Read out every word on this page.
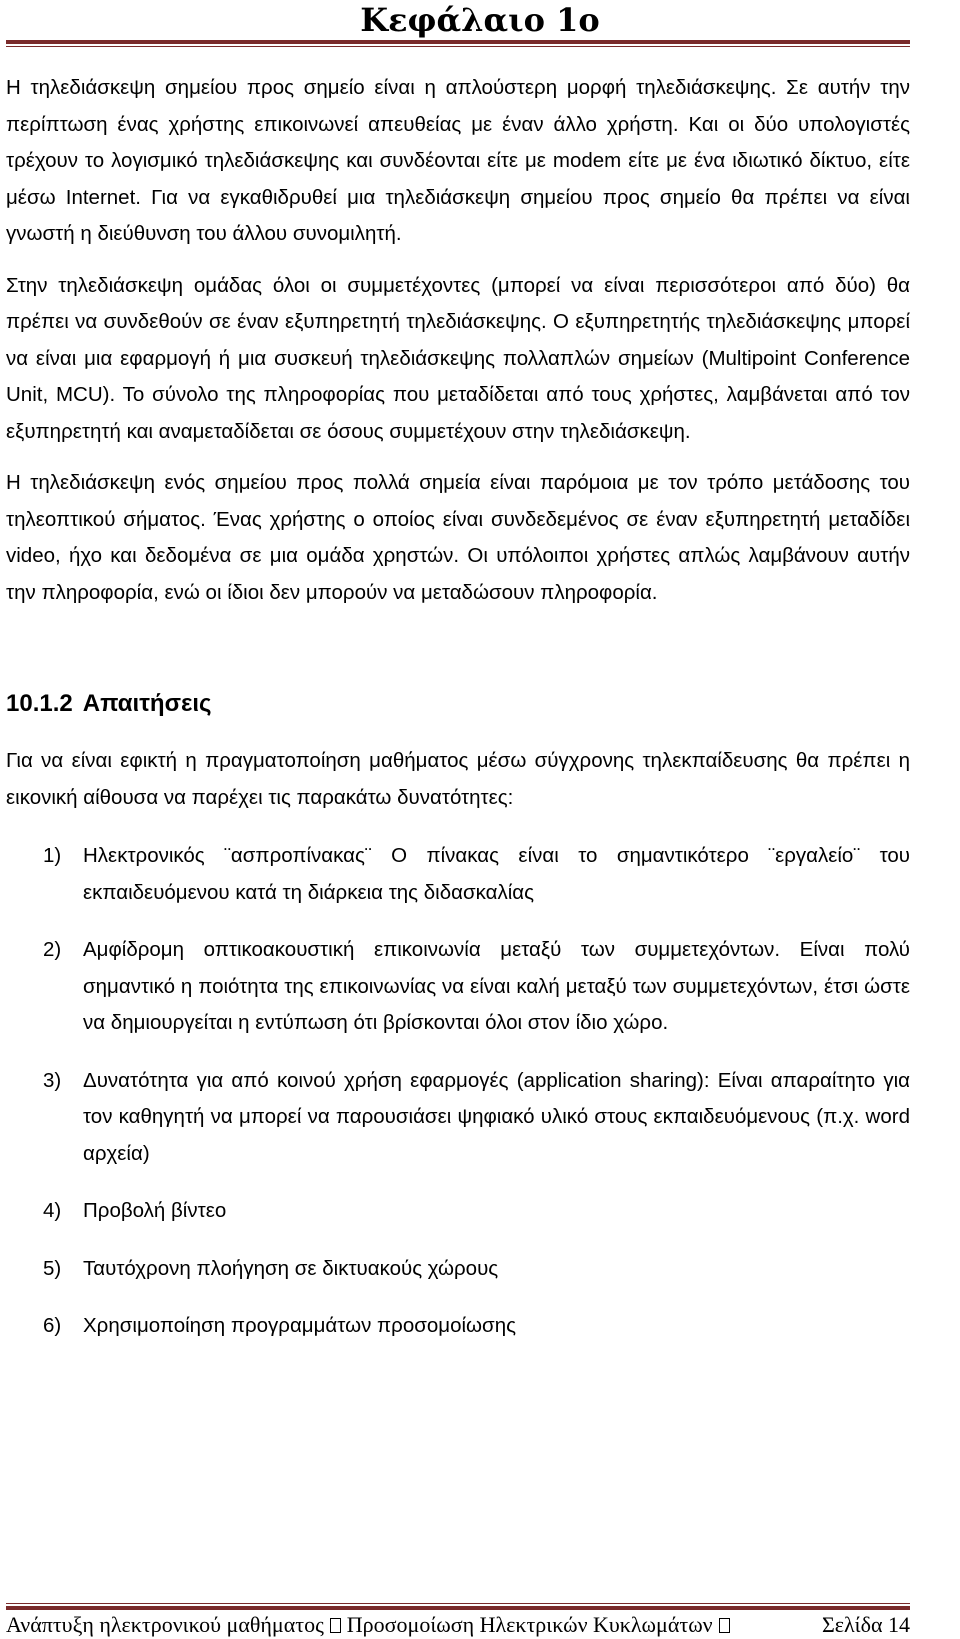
Κεφάλαιο 1ο

Η τηλεδιάσκεψη σημείου προς σημείο είναι η απλούστερη μορφή τηλεδιάσκεψης. Σε αυτήν την περίπτωση ένας χρήστης επικοινωνεί απευθείας με έναν άλλο χρήστη. Και οι δύο υπολογιστές τρέχουν το λογισμικό τηλεδιάσκεψης και συνδέονται είτε με modem είτε με ένα ιδιωτικό δίκτυο, είτε μέσω Internet. Για να εγκαθιδρυθεί μια τηλεδιάσκεψη σημείου προς σημείο θα πρέπει να είναι γνωστή η διεύθυνση του άλλου συνομιλητή.

Στην τηλεδιάσκεψη ομάδας όλοι οι συμμετέχοντες (μπορεί να είναι περισσότεροι από δύο) θα πρέπει να συνδεθούν σε έναν εξυπηρετητή τηλεδιάσκεψης. Ο εξυπηρετητής τηλεδιάσκεψης μπορεί να είναι μια εφαρμογή ή μια συσκευή τηλεδιάσκεψης πολλαπλών σημείων (Multipoint Conference Unit, MCU). Το σύνολο της πληροφορίας που μεταδίδεται από τους χρήστες, λαμβάνεται από τον εξυπηρετητή και αναμεταδίδεται σε όσους συμμετέχουν στην τηλεδιάσκεψη.

Η τηλεδιάσκεψη ενός σημείου προς πολλά σημεία είναι παρόμοια με τον τρόπο μετάδοσης του τηλεοπτικού σήματος. Ένας χρήστης ο οποίος είναι συνδεδεμένος σε έναν εξυπηρετητή μεταδίδει video, ήχο και δεδομένα σε μια ομάδα χρηστών. Οι υπόλοιποι χρήστες απλώς λαμβάνουν αυτήν την πληροφορία, ενώ οι ίδιοι δεν μπορούν να μεταδώσουν πληροφορία.

10.1.2 Απαιτήσεις

Για να είναι εφικτή η πραγματοποίηση μαθήματος μέσω σύγχρονης τηλεκπαίδευσης θα πρέπει η εικονική αίθουσα να παρέχει τις παρακάτω δυνατότητες:

1)	Ηλεκτρονικός ¨ασπροπίνακας¨ Ο πίνακας είναι το σημαντικότερο ¨εργαλείο¨ του εκπαιδευόμενου κατά τη διάρκεια της διδασκαλίας
2)	Αμφίδρομη οπτικοακουστική επικοινωνία μεταξύ των συμμετεχόντων. Είναι πολύ σημαντικό η ποιότητα της επικοινωνίας να είναι καλή μεταξύ των συμμετεχόντων, έτσι ώστε να δημιουργείται η εντύπωση ότι βρίσκονται όλοι στον ίδιο χώρο.
3)	Δυνατότητα για από κοινού χρήση εφαρμογές (application sharing): Είναι απαραίτητο για τον καθηγητή να μπορεί να παρουσιάσει ψηφιακό υλικό στους εκπαιδευόμενους (π.χ. word αρχεία)
4)	Προβολή βίντεο
5)	Ταυτόχρονη πλοήγηση σε δικτυακούς χώρους
6)	Χρησιμοποίηση προγραμμάτων προσομοίωσης
Ανάπτυξη ηλεκτρονικού μαθήματος Προσομοίωση Ηλεκτρικών Κυκλωμάτων	Σελίδα 14
